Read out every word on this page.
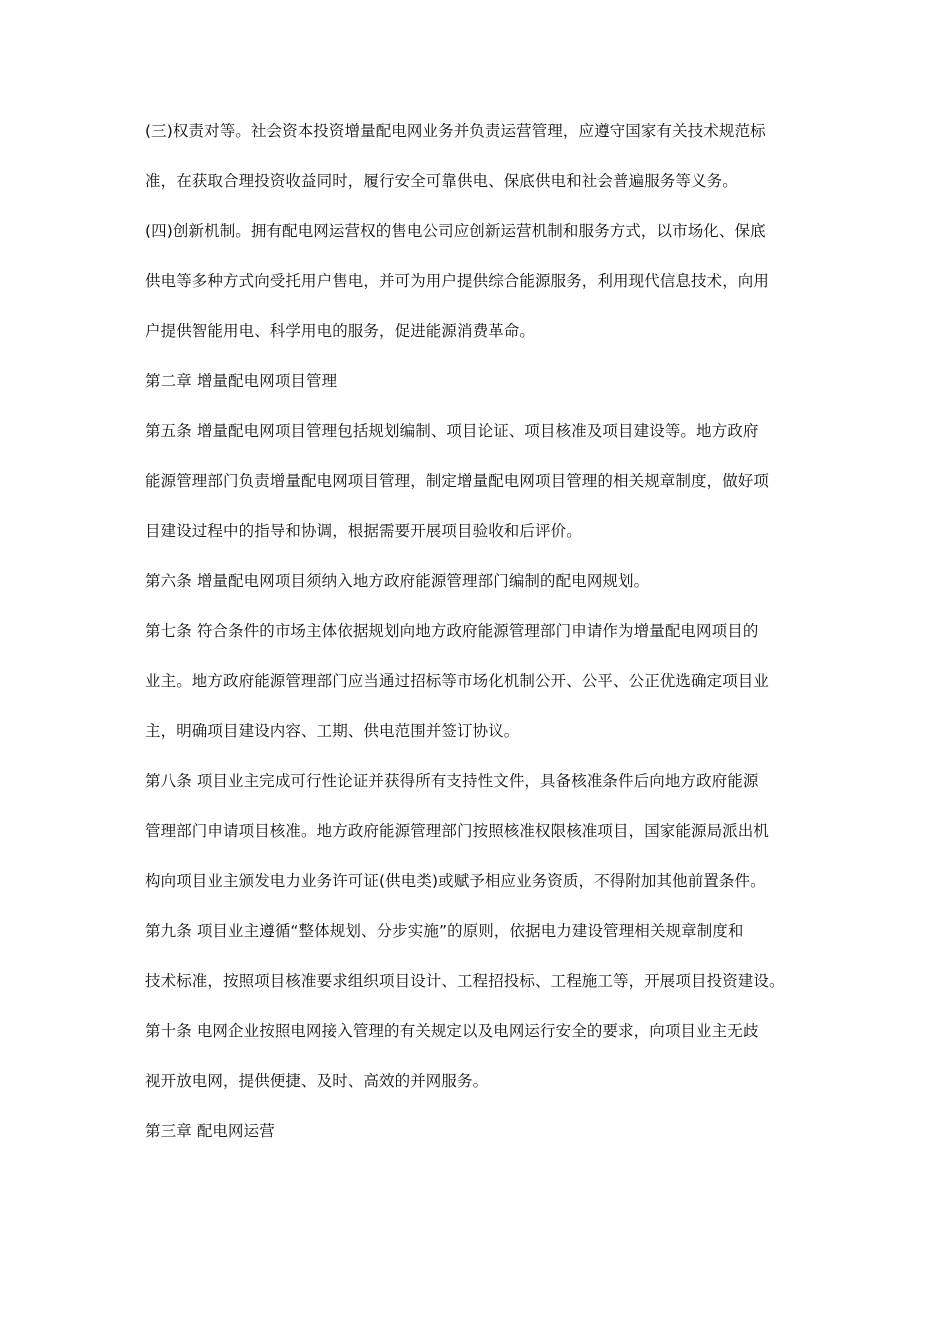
(三)权责对等。社会资本投资增量配电网业务并负责运营管理，应遵守国家有关技术规范标
准，在获取合理投资收益同时，履行安全可靠供电、保底供电和社会普遍服务等义务。
(四)创新机制。拥有配电网运营权的售电公司应创新运营机制和服务方式，以市场化、保底
供电等多种方式向受托用户售电，并可为用户提供综合能源服务，利用现代信息技术，向用
户提供智能用电、科学用电的服务，促进能源消费革命。
第二章 增量配电网项目管理
第五条 增量配电网项目管理包括规划编制、项目论证、项目核准及项目建设等。地方政府
能源管理部门负责增量配电网项目管理，制定增量配电网项目管理的相关规章制度，做好项
目建设过程中的指导和协调，根据需要开展项目验收和后评价。
第六条 增量配电网项目须纳入地方政府能源管理部门编制的配电网规划。
第七条 符合条件的市场主体依据规划向地方政府能源管理部门申请作为增量配电网项目的
业主。地方政府能源管理部门应当通过招标等市场化机制公开、公平、公正优选确定项目业
主，明确项目建设内容、工期、供电范围并签订协议。
第八条 项目业主完成可行性论证并获得所有支持性文件，具备核准条件后向地方政府能源
管理部门申请项目核准。地方政府能源管理部门按照核准权限核准项目，国家能源局派出机
构向项目业主颁发电力业务许可证(供电类)或赋予相应业务资质，不得附加其他前置条件。
第九条 项目业主遵循“整体规划、分步实施”的原则，依据电力建设管理相关规章制度和
技术标准，按照项目核准要求组织项目设计、工程招投标、工程施工等，开展项目投资建设。
第十条 电网企业按照电网接入管理的有关规定以及电网运行安全的要求，向项目业主无歧
视开放电网，提供便捷、及时、高效的并网服务。
第三章 配电网运营
